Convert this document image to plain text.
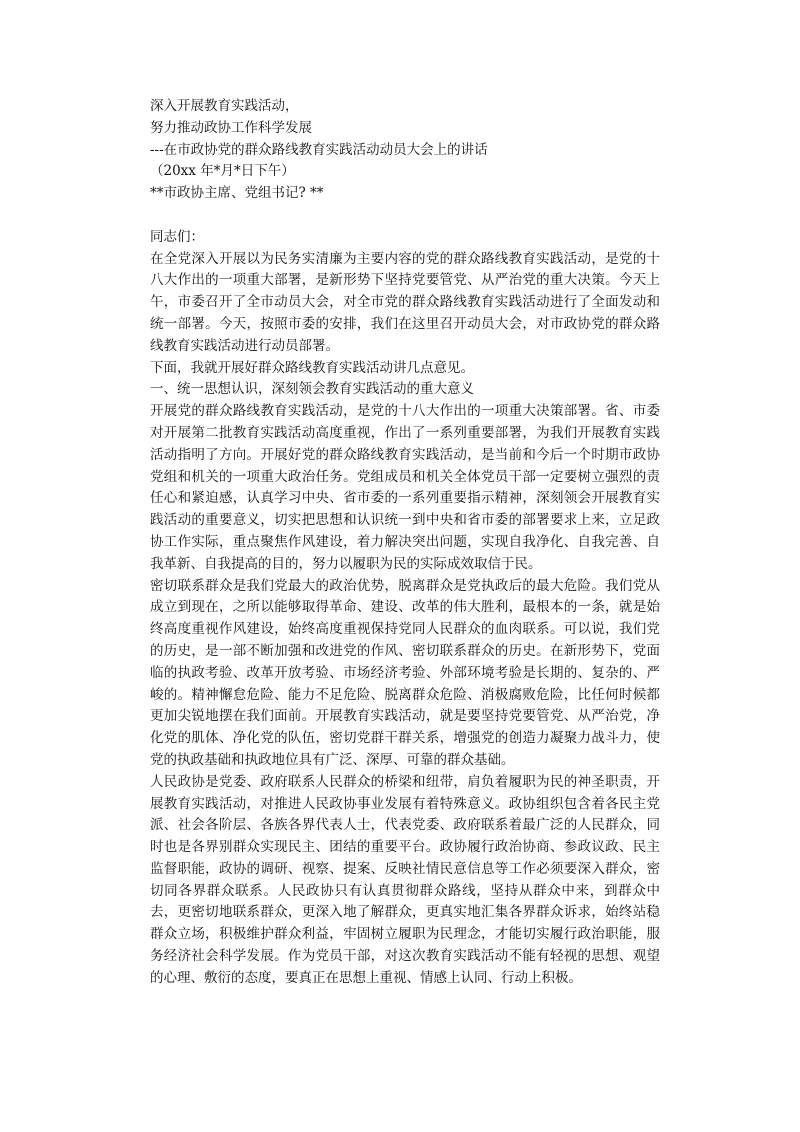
深入开展教育实践活动，
努力推动政协工作科学发展
---在市政协党的群众路线教育实践活动动员大会上的讲话
（20xx 年*月*日下午）
**市政协主席、党组书记? **
同志们：
在全党深入开展以为民务实清廉为主要内容的党的群众路线教育实践活动，是党的十八大作出的一项重大部署，是新形势下坚持党要管党、从严治党的重大决策。今天上午，市委召开了全市动员大会，对全市党的群众路线教育实践活动进行了全面发动和统一部署。今天，按照市委的安排，我们在这里召开动员大会，对市政协党的群众路线教育实践活动进行动员部署。
下面，我就开展好群众路线教育实践活动讲几点意见。
一、统一思想认识，深刻领会教育实践活动的重大意义
开展党的群众路线教育实践活动，是党的十八大作出的一项重大决策部署。省、市委对开展第二批教育实践活动高度重视，作出了一系列重要部署，为我们开展教育实践活动指明了方向。开展好党的群众路线教育实践活动，是当前和今后一个时期市政协党组和机关的一项重大政治任务。党组成员和机关全体党员干部一定要树立强烈的责任心和紧迫感，认真学习中央、省市委的一系列重要指示精神，深刻领会开展教育实践活动的重要意义，切实把思想和认识统一到中央和省市委的部署要求上来，立足政协工作实际，重点聚焦作风建设，着力解决突出问题，实现自我净化、自我完善、自我革新、自我提高的目的，努力以履职为民的实际成效取信于民。
密切联系群众是我们党最大的政治优势，脱离群众是党执政后的最大危险。我们党从成立到现在，之所以能够取得革命、建设、改革的伟大胜利，最根本的一条，就是始终高度重视作风建设，始终高度重视保持党同人民群众的血肉联系。可以说，我们党的历史，是一部不断加强和改进党的作风、密切联系群众的历史。在新形势下，党面临的执政考验、改革开放考验、市场经济考验、外部环境考验是长期的、复杂的、严峻的。精神懈怠危险、能力不足危险、脱离群众危险、消极腐败危险，比任何时候都更加尖锐地摆在我们面前。开展教育实践活动，就是要坚持党要管党、从严治党，净化党的肌体、净化党的队伍，密切党群干群关系，增强党的创造力凝聚力战斗力，使党的执政基础和执政地位具有广泛、深厚、可靠的群众基础。
人民政协是党委、政府联系人民群众的桥梁和纽带，肩负着履职为民的神圣职责，开展教育实践活动，对推进人民政协事业发展有着特殊意义。政协组织包含着各民主党派、社会各阶层、各族各界代表人士，代表党委、政府联系着最广泛的人民群众，同时也是各界别群众实现民主、团结的重要平台。政协履行政治协商、参政议政、民主监督职能，政协的调研、视察、提案、反映社情民意信息等工作必须要深入群众，密切同各界群众联系。人民政协只有认真贯彻群众路线，坚持从群众中来，到群众中去，更密切地联系群众，更深入地了解群众，更真实地汇集各界群众诉求，始终站稳群众立场，积极维护群众利益，牢固树立履职为民理念，才能切实履行政治职能，服务经济社会科学发展。作为党员干部，对这次教育实践活动不能有轻视的思想、观望的心理、敷衍的态度，要真正在思想上重视、情感上认同、行动上积极。
